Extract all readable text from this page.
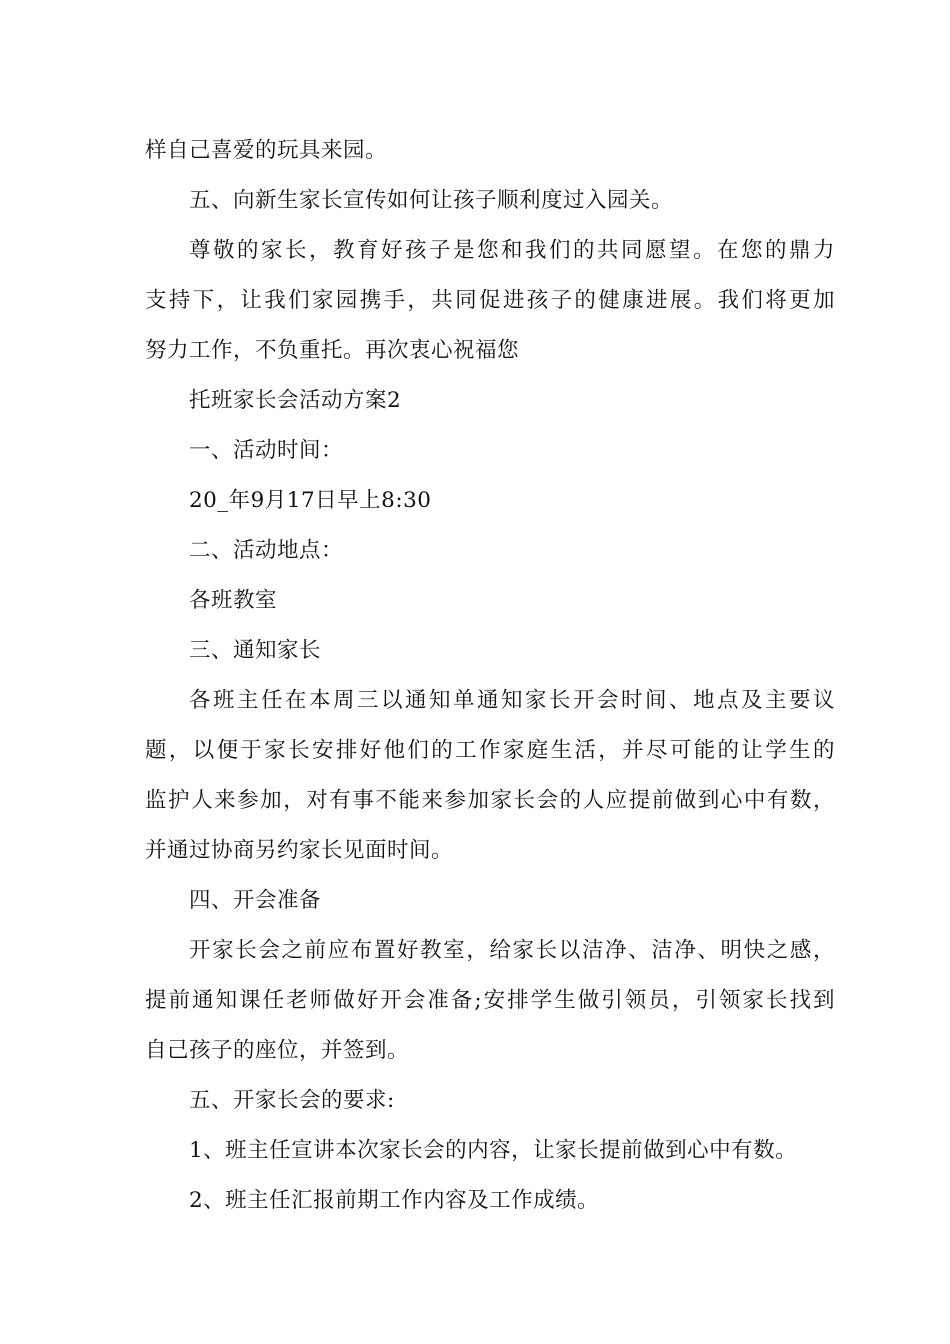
样自己喜爱的玩具来园。
五、向新生家长宣传如何让孩子顺利度过入园关。
尊敬的家长，教育好孩子是您和我们的共同愿望。在您的鼎力
支持下，让我们家园携手，共同促进孩子的健康进展。我们将更加
努力工作，不负重托。再次衷心祝福您
托班家长会活动方案2
一、活动时间：
20_年9月17日早上8:30
二、活动地点：
各班教室
三、通知家长
各班主任在本周三以通知单通知家长开会时间、地点及主要议
题，以便于家长安排好他们的工作家庭生活，并尽可能的让学生的
监护人来参加，对有事不能来参加家长会的人应提前做到心中有数，
并通过协商另约家长见面时间。
四、开会准备
开家长会之前应布置好教室，给家长以洁净、洁净、明快之感，
提前通知课任老师做好开会准备;安排学生做引领员，引领家长找到
自己孩子的座位，并签到。
五、开家长会的要求:
1、班主任宣讲本次家长会的内容，让家长提前做到心中有数。
2、班主任汇报前期工作内容及工作成绩。
